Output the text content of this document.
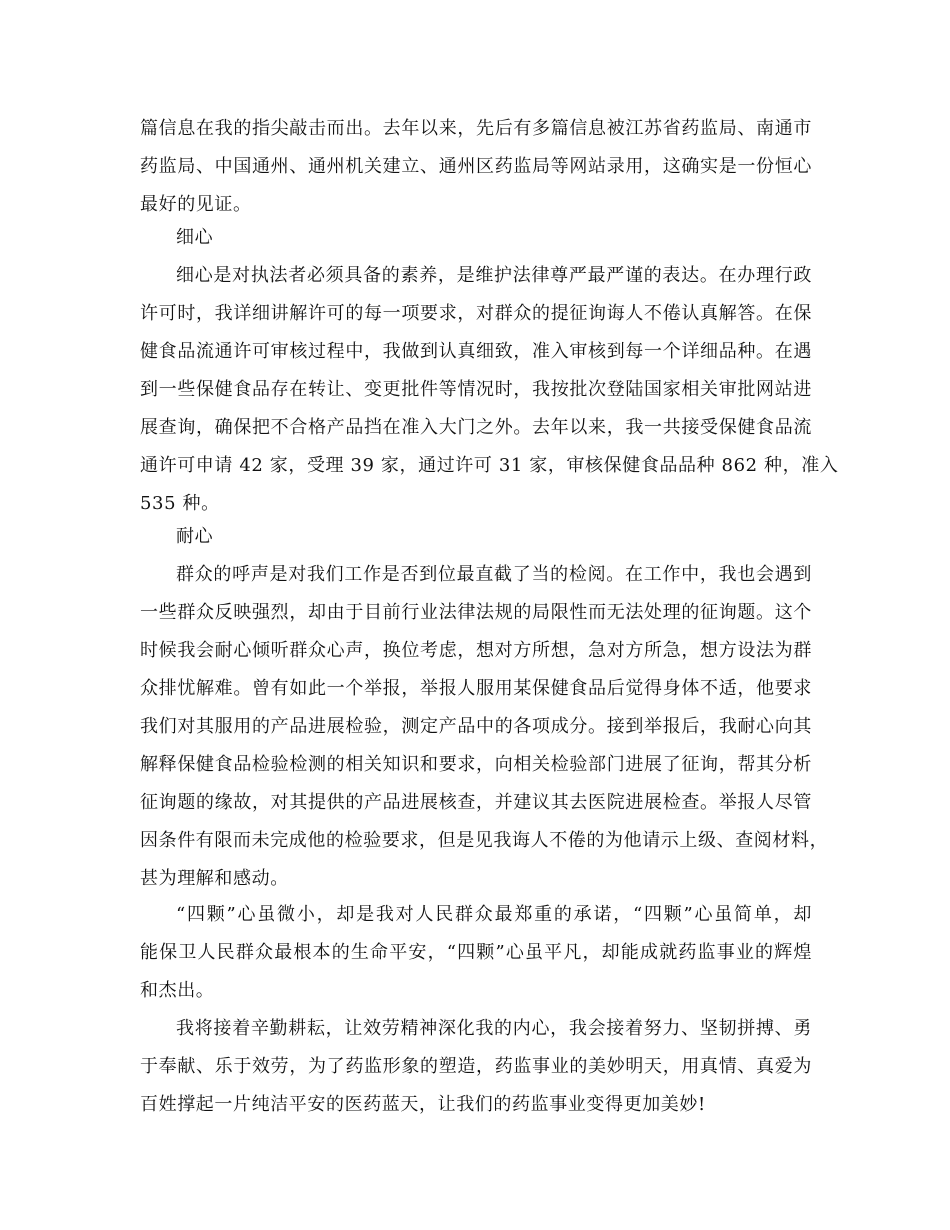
篇信息在我的指尖敲击而出。去年以来，先后有多篇信息被江苏省药监局、南通市
药监局、中国通州、通州机关建立、通州区药监局等网站录用，这确实是一份恒心
最好的见证。
细心
细心是对执法者必须具备的素养，是维护法律尊严最严谨的表达。在办理行政
许可时，我详细讲解许可的每一项要求，对群众的提征询诲人不倦认真解答。在保
健食品流通许可审核过程中，我做到认真细致，准入审核到每一个详细品种。在遇
到一些保健食品存在转让、变更批件等情况时，我按批次登陆国家相关审批网站进
展查询，确保把不合格产品挡在准入大门之外。去年以来，我一共接受保健食品流
通许可申请 42 家，受理 39 家，通过许可 31 家，审核保健食品品种 862 种，准入
535 种。
耐心
群众的呼声是对我们工作是否到位最直截了当的检阅。在工作中，我也会遇到
一些群众反映强烈，却由于目前行业法律法规的局限性而无法处理的征询题。这个
时候我会耐心倾听群众心声，换位考虑，想对方所想，急对方所急，想方设法为群
众排忧解难。曾有如此一个举报，举报人服用某保健食品后觉得身体不适，他要求
我们对其服用的产品进展检验，测定产品中的各项成分。接到举报后，我耐心向其
解释保健食品检验检测的相关知识和要求，向相关检验部门进展了征询，帮其分析
征询题的缘故，对其提供的产品进展核查，并建议其去医院进展检查。举报人尽管
因条件有限而未完成他的检验要求，但是见我诲人不倦的为他请示上级、查阅材料，
甚为理解和感动。
“四颗”心虽微小，却是我对人民群众最郑重的承诺，“四颗”心虽简单，却
能保卫人民群众最根本的生命平安，“四颗”心虽平凡，却能成就药监事业的辉煌
和杰出。
我将接着辛勤耕耘，让效劳精神深化我的内心，我会接着努力、坚韧拼搏、勇
于奉献、乐于效劳，为了药监形象的塑造，药监事业的美妙明天，用真情、真爱为
百姓撑起一片纯洁平安的医药蓝天，让我们的药监事业变得更加美妙!
